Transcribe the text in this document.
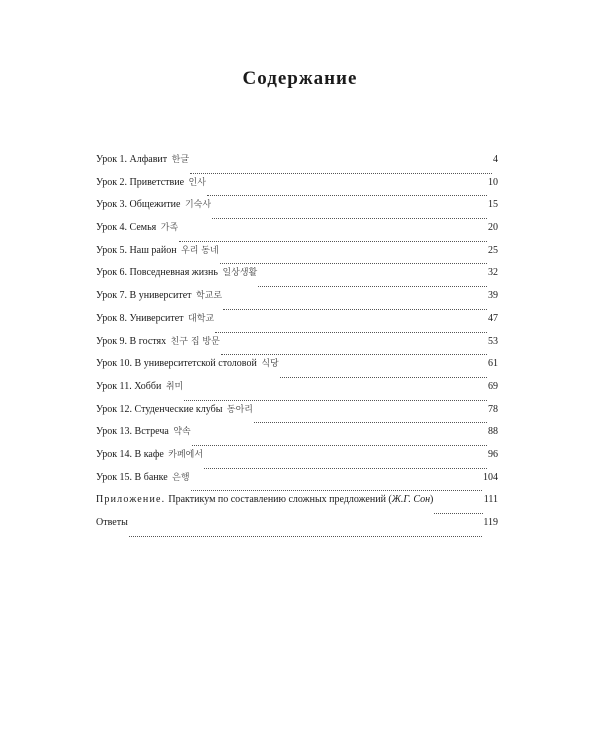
Содержание
Урок 1. Алфавит 한글	4
Урок 2. Приветствие 인사	10
Урок 3. Общежитие 기숙사	15
Урок 4. Семья 가족	20
Урок 5. Наш район 우리 동네	25
Урок 6. Повседневная жизнь 일상생활	32
Урок 7. В университет 학교로	39
Урок 8. Университет 대학교	47
Урок 9. В гостях 친구 집 방문	53
Урок 10. В университетской столовой 식당	61
Урок 11. Хобби 취미	69
Урок 12. Студенческие клубы 동아리	78
Урок 13. Встреча 약속	88
Урок 14. В кафе 카페에서	96
Урок 15. В банке 은행	104
Приложение. Практикум по составлению сложных предложений (Ж.Г. Сон)	111
Ответы	119
